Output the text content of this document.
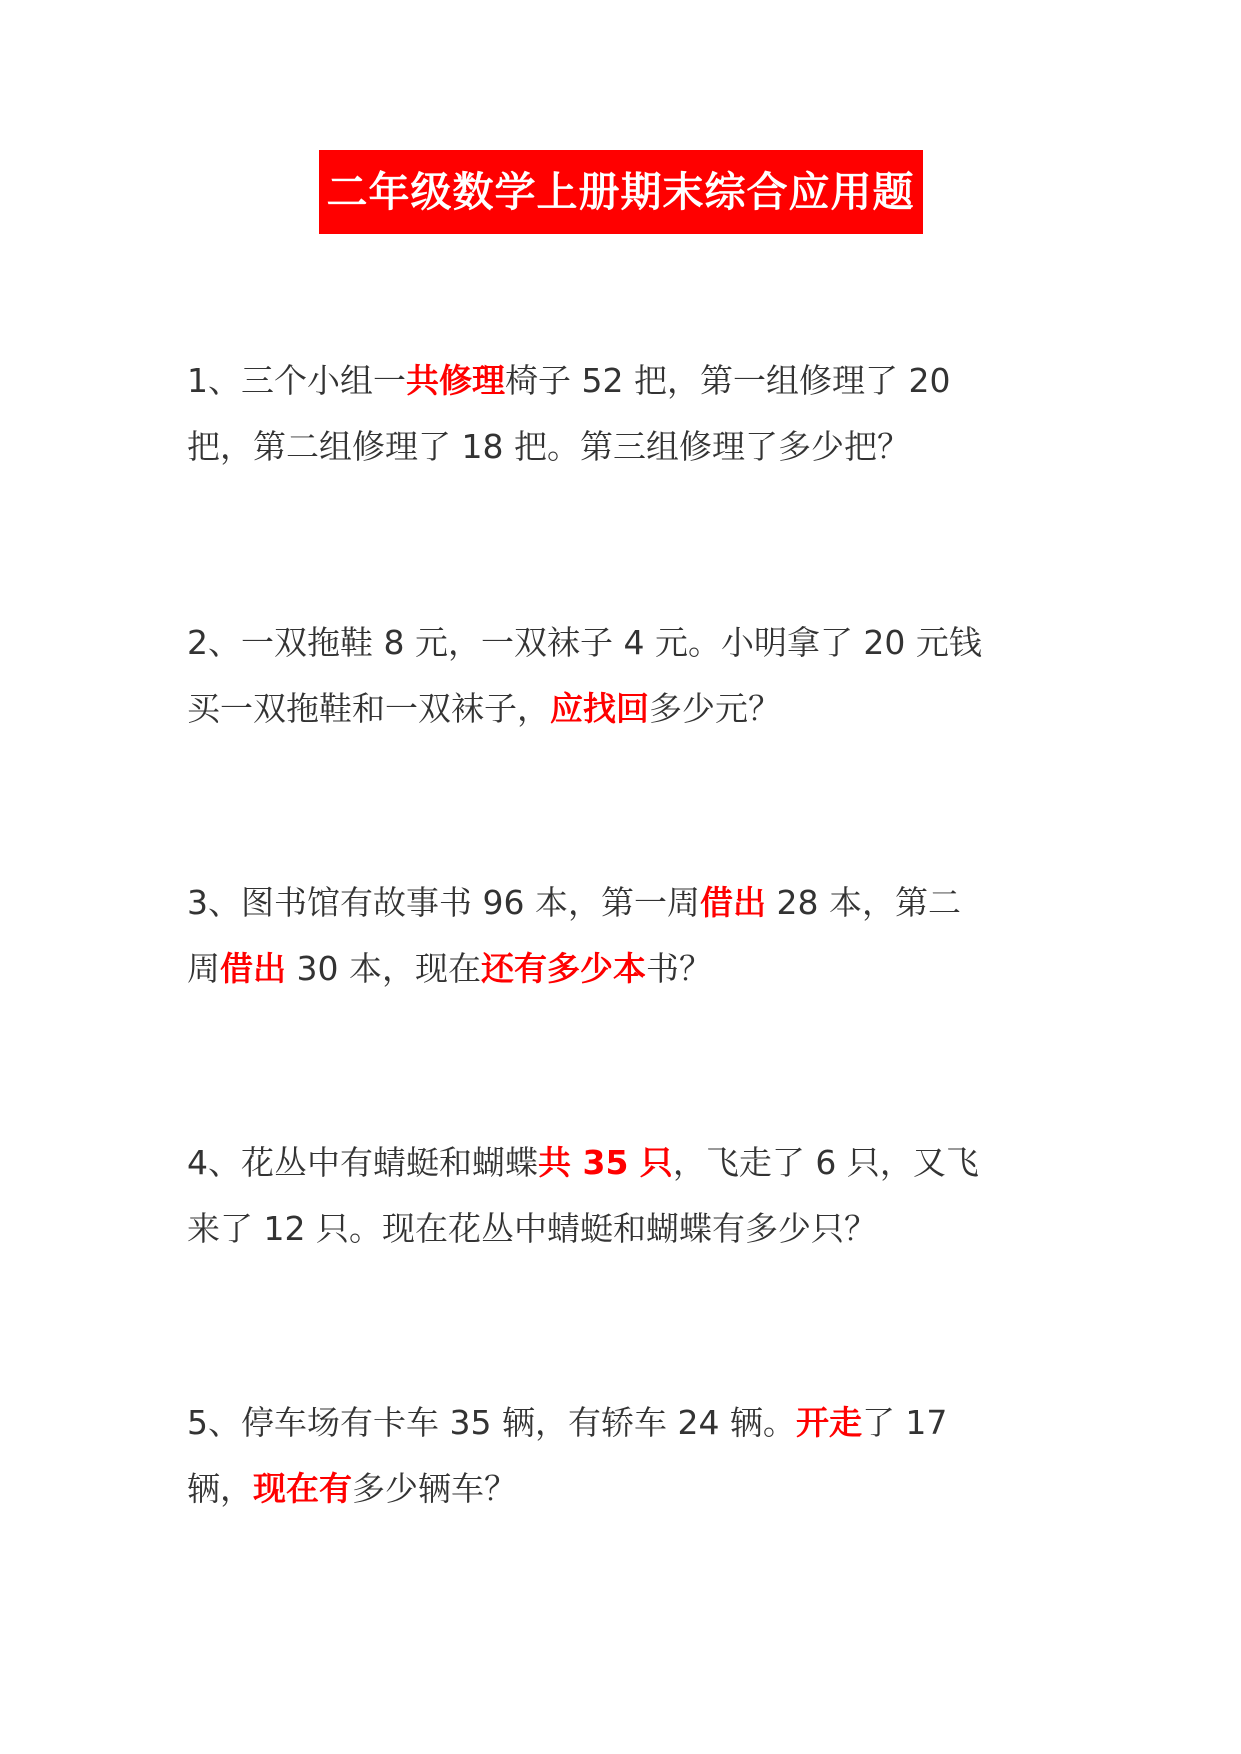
二年级数学上册期末综合应用题
1、三个小组一共修理椅子 52 把，第一组修理了 20
把，第二组修理了 18 把。第三组修理了多少把？
2、一双拖鞋 8 元，一双袜子 4 元。小明拿了 20 元钱
买一双拖鞋和一双袜子，应找回多少元？
3、图书馆有故事书 96 本，第一周借出 28 本，第二
周借出 30 本，现在还有多少本书？
4、花丛中有蜻蜓和蝴蝶共 35 只，飞走了 6 只，又飞
来了 12 只。现在花丛中蜻蜓和蝴蝶有多少只？
5、停车场有卡车 35 辆，有轿车 24 辆。开走了 17
辆，现在有多少辆车？
